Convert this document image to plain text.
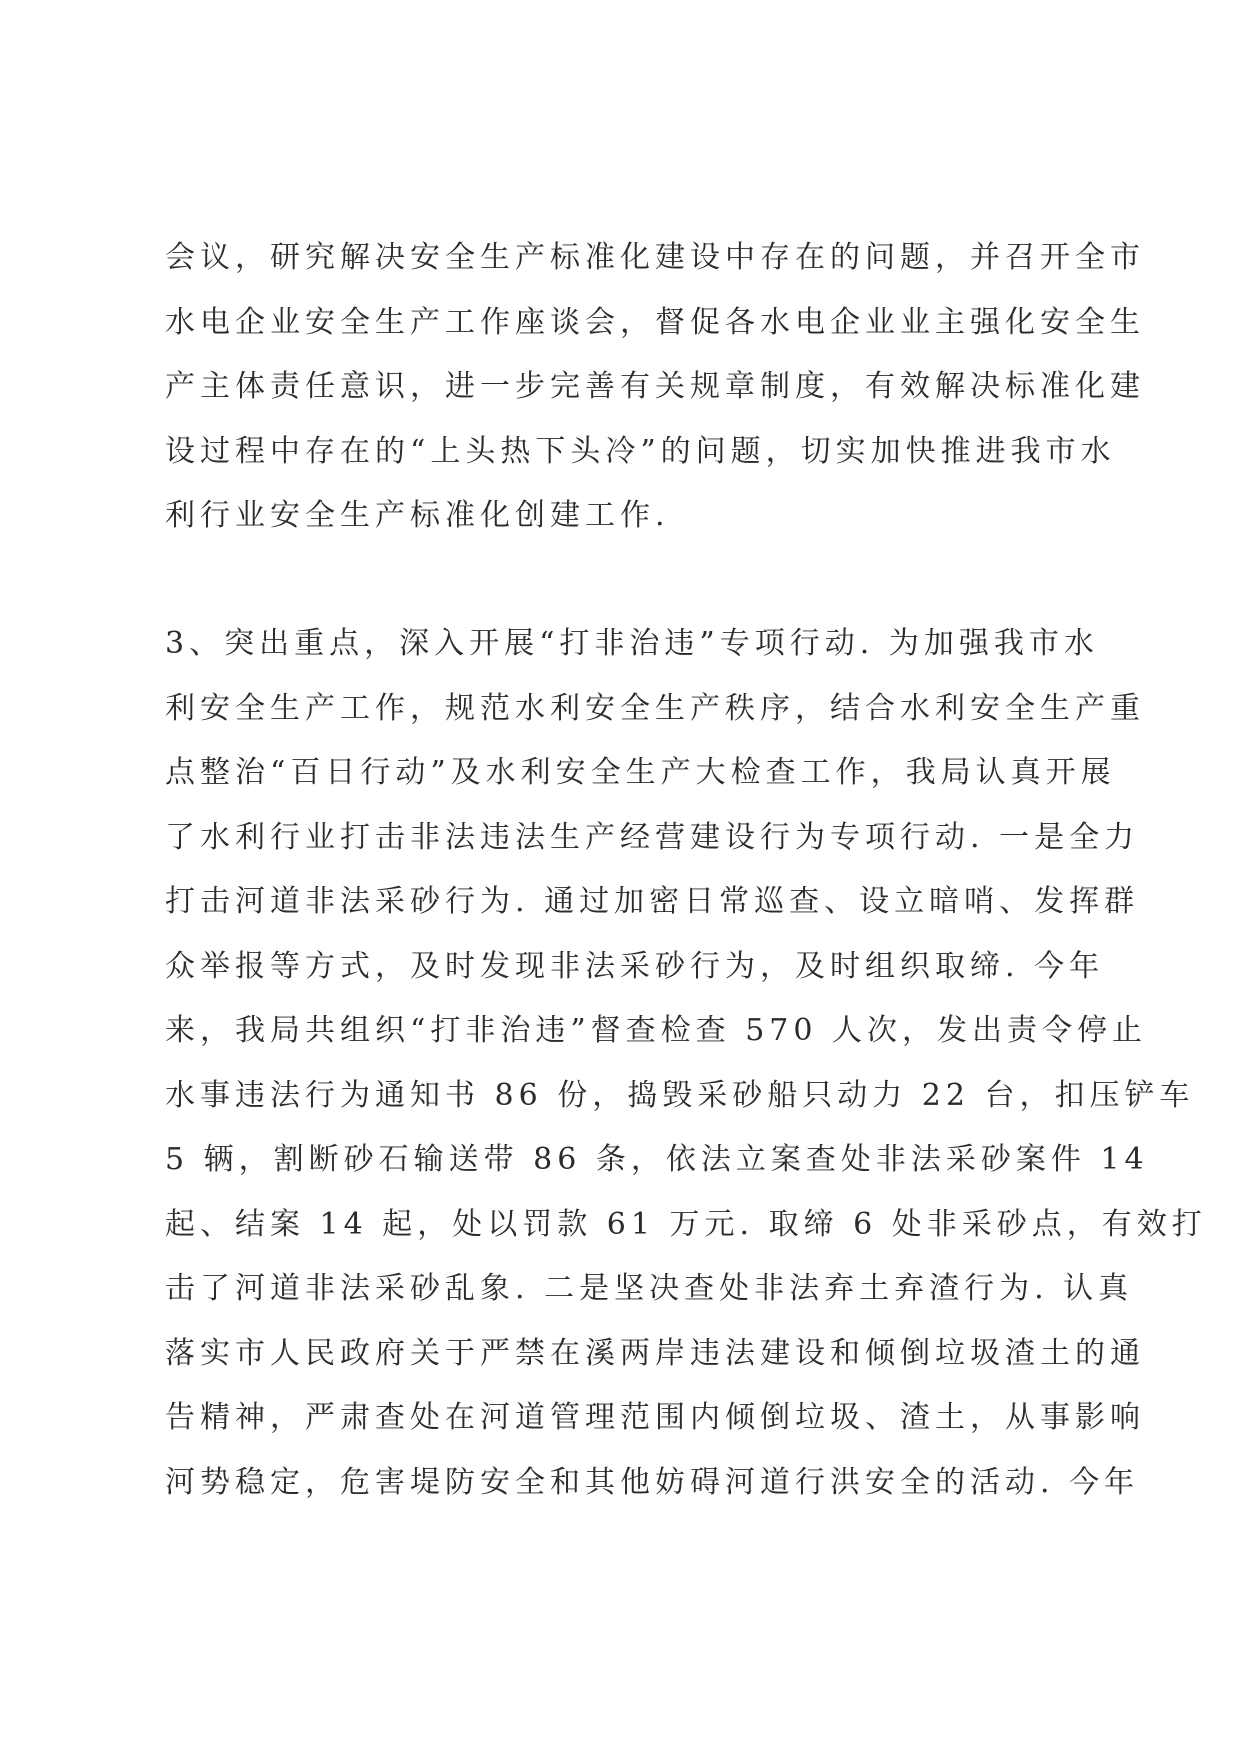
会议，研究解决安全生产标准化建设中存在的问题，并召开全市
水电企业安全生产工作座谈会，督促各水电企业业主强化安全生
产主体责任意识，进一步完善有关规章制度，有效解决标准化建
设过程中存在的“上头热下头冷”的问题，切实加快推进我市水
利行业安全生产标准化创建工作.
3、突出重点，深入开展“打非治违”专项行动. 为加强我市水
利安全生产工作，规范水利安全生产秩序，结合水利安全生产重
点整治“百日行动”及水利安全生产大检查工作，我局认真开展
了水利行业打击非法违法生产经营建设行为专项行动. 一是全力
打击河道非法采砂行为. 通过加密日常巡查、设立暗哨、发挥群
众举报等方式，及时发现非法采砂行为，及时组织取缔. 今年
来，我局共组织“打非治违”督查检查 570 人次，发出责令停止
水事违法行为通知书 86 份，捣毁采砂船只动力 22 台，扣压铲车
5 辆，割断砂石输送带 86 条，依法立案查处非法采砂案件 14
起、结案 14 起，处以罚款 61 万元. 取缔 6 处非采砂点，有效打
击了河道非法采砂乱象. 二是坚决查处非法弃土弃渣行为. 认真
落实市人民政府关于严禁在溪两岸违法建设和倾倒垃圾渣土的通
告精神，严肃查处在河道管理范围内倾倒垃圾、渣土，从事影响
河势稳定，危害堤防安全和其他妨碍河道行洪安全的活动. 今年
